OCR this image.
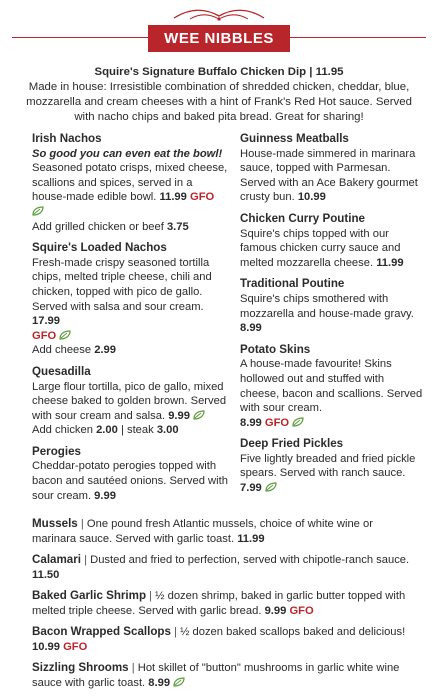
WEE NIBBLES
Squire's Signature Buffalo Chicken Dip | 11.95
Made in house: Irresistible combination of shredded chicken, cheddar, blue, mozzarella and cream cheeses with a hint of Frank's Red Hot sauce. Served with nacho chips and baked pita bread. Great for sharing!
Irish Nachos
So good you can even eat the bowl! Seasoned potato crisps, mixed cheese, scallions and spices, served in a house-made edible bowl. 11.99 GFO
Add grilled chicken or beef 3.75
Squire's Loaded Nachos
Fresh-made crispy seasoned tortilla chips, melted triple cheese, chili and chicken, topped with pico de gallo. Served with salsa and sour cream. 17.99
GFO
Add cheese 2.99
Quesadilla
Large flour tortilla, pico de gallo, mixed cheese baked to golden brown. Served with sour cream and salsa. 9.99
Add chicken 2.00 | steak 3.00
Perogies
Cheddar-potato perogies topped with bacon and sautéed onions. Served with sour cream. 9.99
Guinness Meatballs
House-made simmered in marinara sauce, topped with Parmesan. Served with an Ace Bakery gourmet crusty bun. 10.99
Chicken Curry Poutine
Squire's chips topped with our famous chicken curry sauce and melted mozzarella cheese. 11.99
Traditional Poutine
Squire's chips smothered with mozzarella and house-made gravy. 8.99
Potato Skins
A house-made favourite! Skins hollowed out and stuffed with cheese, bacon and scallions. Served with sour cream.
8.99 GFO
Deep Fried Pickles
Five lightly breaded and fried pickle spears. Served with ranch sauce. 7.99
Mussels | One pound fresh Atlantic mussels, choice of white wine or marinara sauce. Served with garlic toast. 11.99
Calamari | Dusted and fried to perfection, served with chipotle-ranch sauce. 11.50
Baked Garlic Shrimp | ½ dozen shrimp, baked in garlic butter topped with melted triple cheese. Served with garlic bread. 9.99 GFO
Bacon Wrapped Scallops | ½ dozen baked scallops baked and delicious! 10.99 GFO
Sizzling Shrooms | Hot skillet of "button" mushrooms in garlic white wine sauce with garlic toast. 8.99
